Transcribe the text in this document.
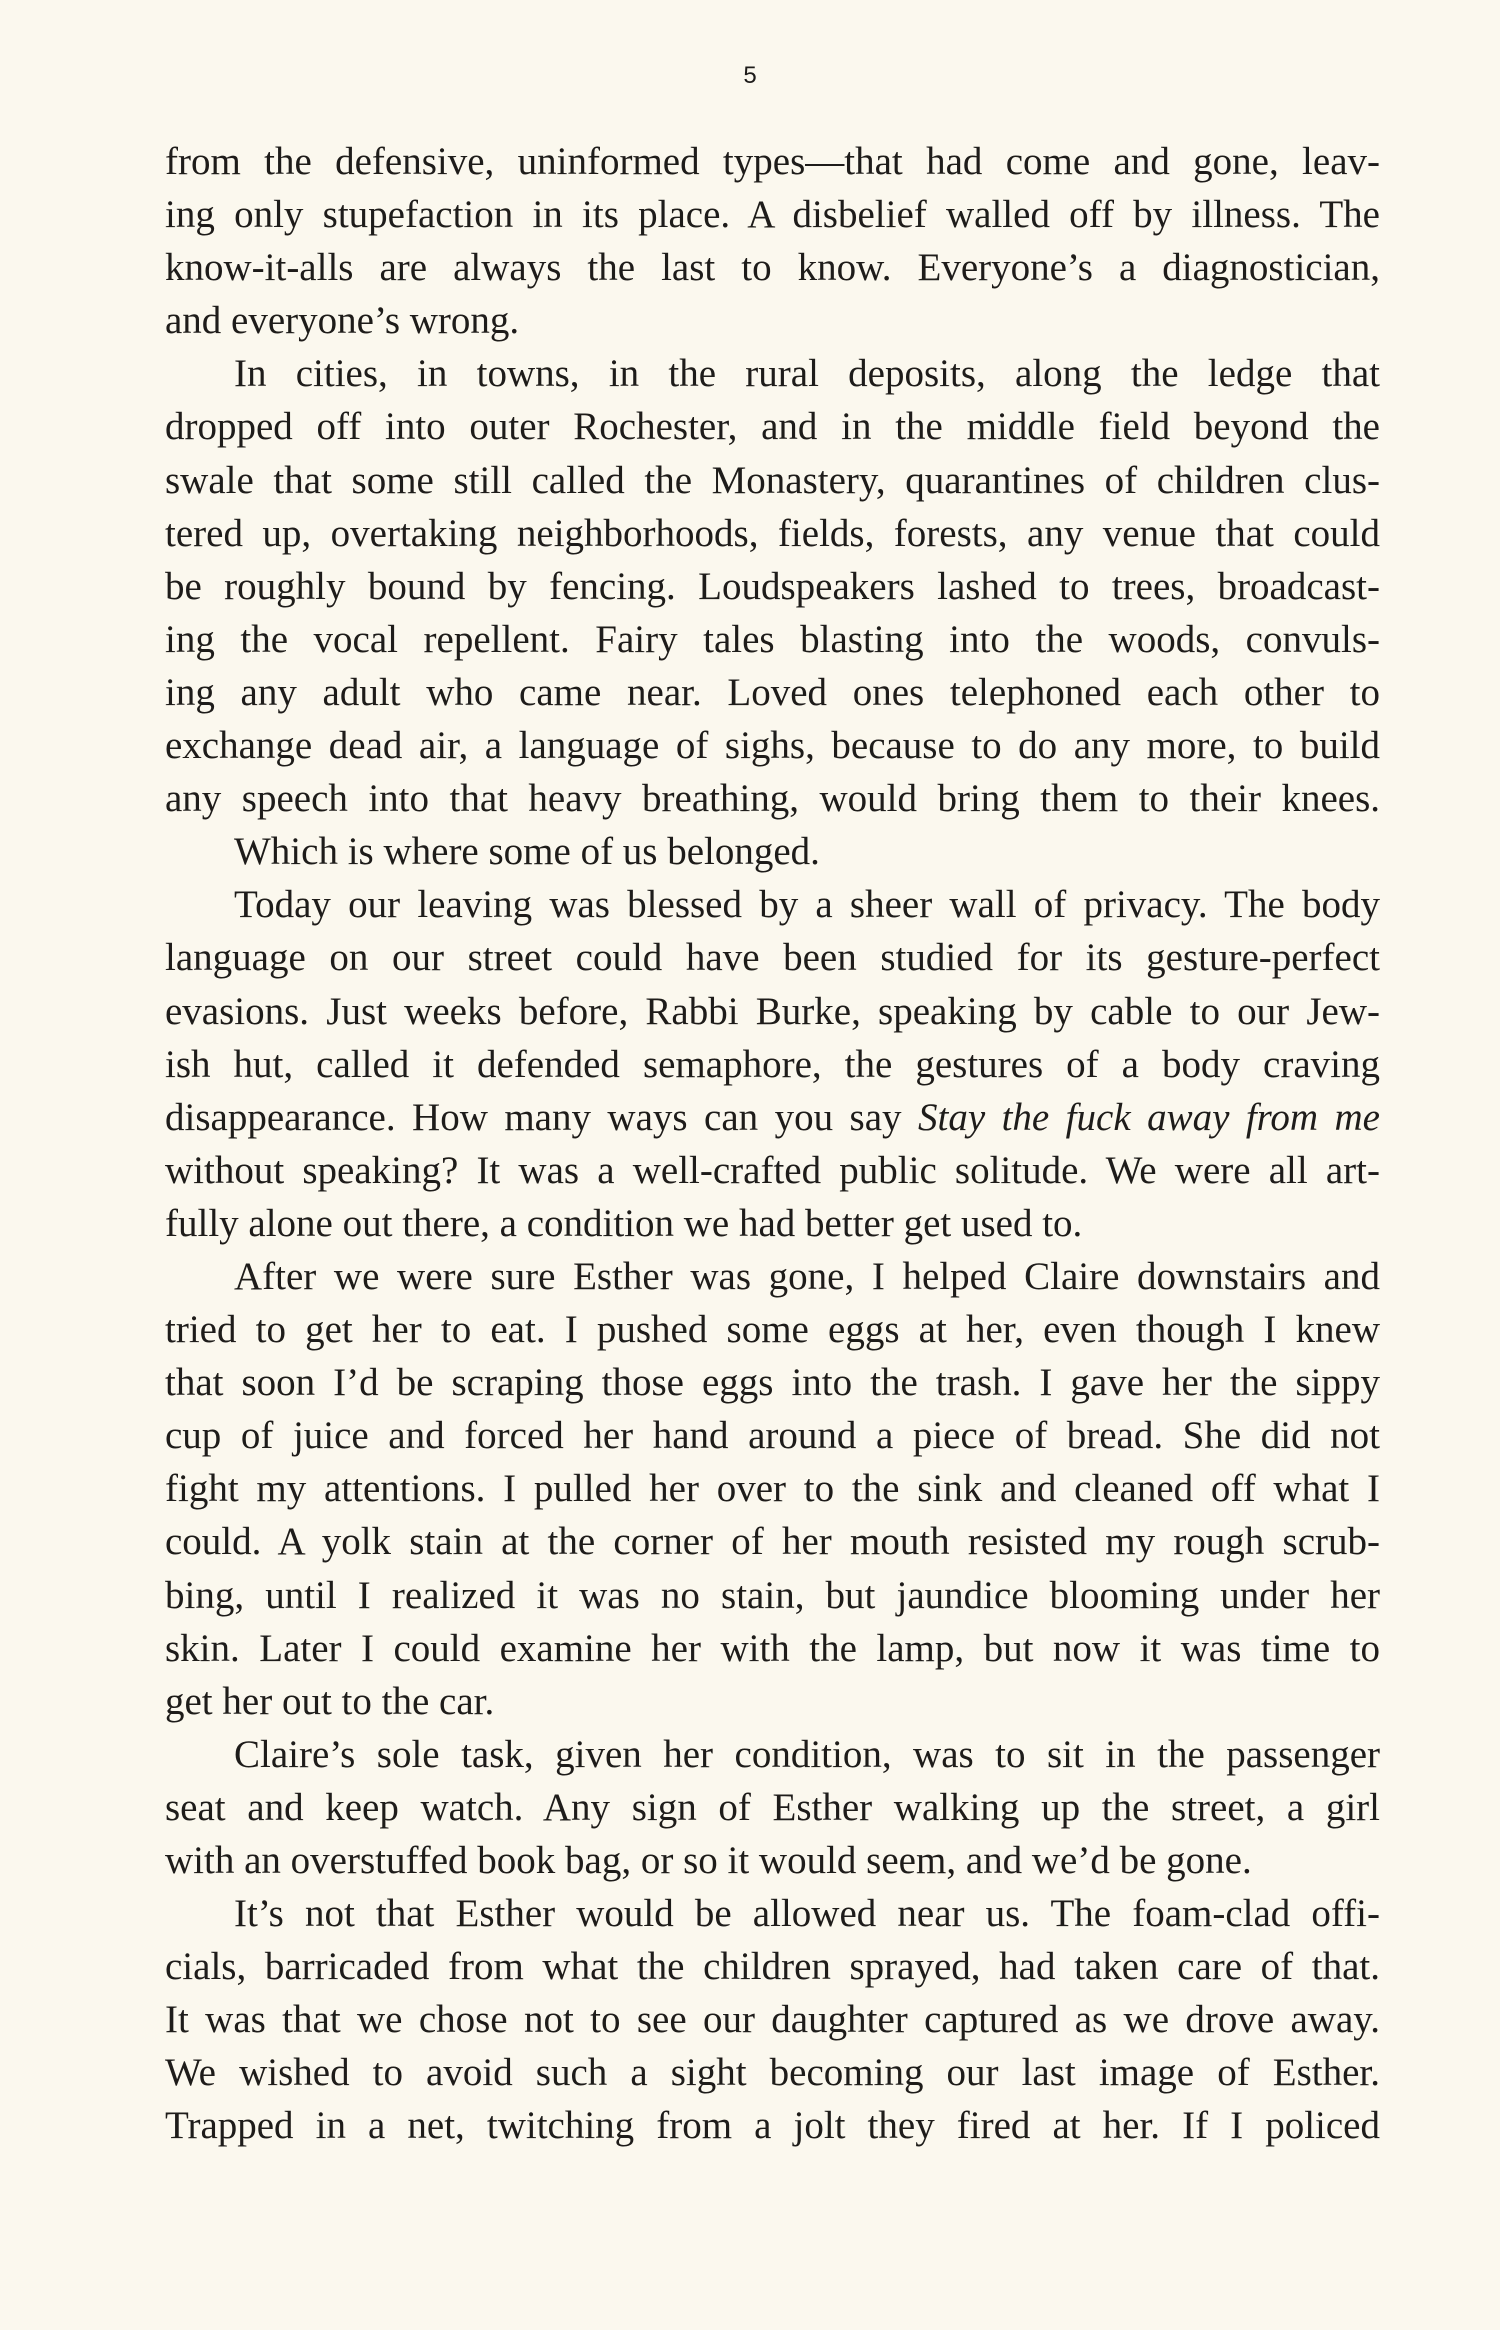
5
from the defensive, uninformed types—that had come and gone, leav-
ing only stupefaction in its place. A disbelief walled off by illness. The
know-it-alls are always the last to know. Everyone’s a diagnostician,
and everyone’s wrong.
In cities, in towns, in the rural deposits, along the ledge that
dropped off into outer Rochester, and in the middle field beyond the
swale that some still called the Monastery, quarantines of children clus-
tered up, overtaking neighborhoods, fields, forests, any venue that could
be roughly bound by fencing. Loudspeakers lashed to trees, broadcast-
ing the vocal repellent. Fairy tales blasting into the woods, convuls-
ing any adult who came near. Loved ones telephoned each other to
exchange dead air, a language of sighs, because to do any more, to build
any speech into that heavy breathing, would bring them to their knees.
Which is where some of us belonged.
Today our leaving was blessed by a sheer wall of privacy. The body
language on our street could have been studied for its gesture-perfect
evasions. Just weeks before, Rabbi Burke, speaking by cable to our Jew-
ish hut, called it defended semaphore, the gestures of a body craving
disappearance. How many ways can you say Stay the fuck away from me
without speaking? It was a well-crafted public solitude. We were all art-
fully alone out there, a condition we had better get used to.
After we were sure Esther was gone, I helped Claire downstairs and
tried to get her to eat. I pushed some eggs at her, even though I knew
that soon I’d be scraping those eggs into the trash. I gave her the sippy
cup of juice and forced her hand around a piece of bread. She did not
fight my attentions. I pulled her over to the sink and cleaned off what I
could. A yolk stain at the corner of her mouth resisted my rough scrub-
bing, until I realized it was no stain, but jaundice blooming under her
skin. Later I could examine her with the lamp, but now it was time to
get her out to the car.
Claire’s sole task, given her condition, was to sit in the passenger
seat and keep watch. Any sign of Esther walking up the street, a girl
with an overstuffed book bag, or so it would seem, and we’d be gone.
It’s not that Esther would be allowed near us. The foam-clad offi-
cials, barricaded from what the children sprayed, had taken care of that.
It was that we chose not to see our daughter captured as we drove away.
We wished to avoid such a sight becoming our last image of Esther.
Trapped in a net, twitching from a jolt they fired at her. If I policed
